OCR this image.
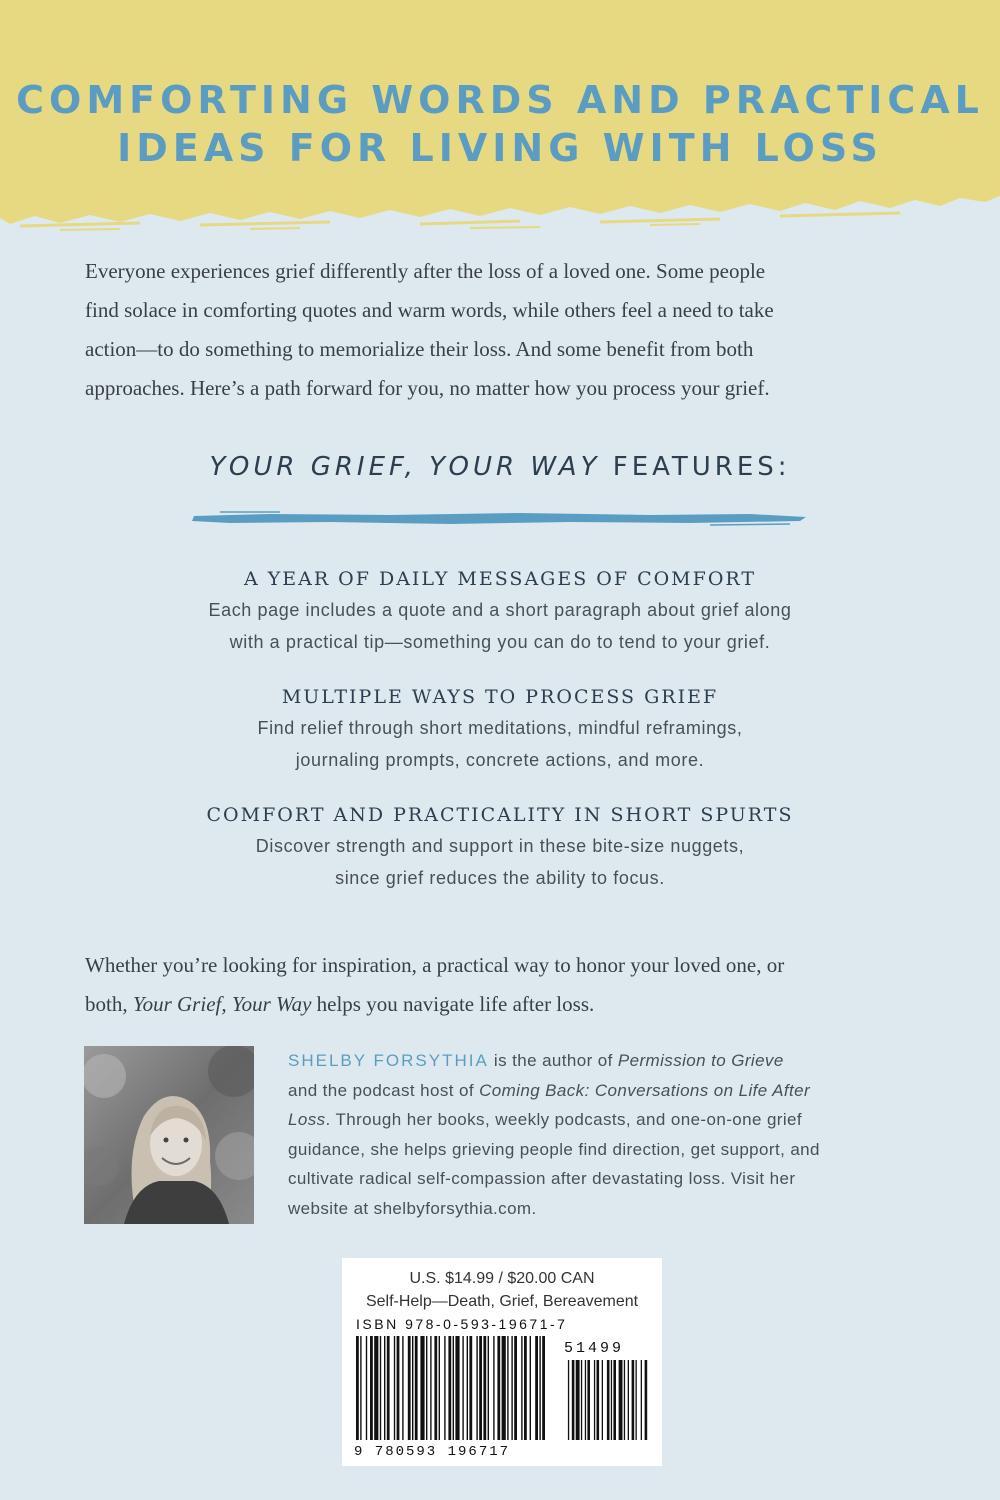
COMFORTING WORDS AND PRACTICAL
IDEAS FOR LIVING WITH LOSS

Everyone experiences grief differently after the loss of a loved one. Some people

find solace in comforting quotes and warm words, while others feel a need to take

action—to do something to memorialize their loss. And some benefit from both

approaches. Here’s a path forward for you, no matter how you process your grief.

YOUR GRIEF, YOUR WAY FEATURES:
A YEAR OF DAILY MESSAGES OF COMFORT
Each page includes a quote and a short paragraph about grief along
with a practical tip—something you can do to tend to your grief.
MULTIPLE WAYS TO PROCESS GRIEF
Find relief through short meditations, mindful reframings,
journaling prompts, concrete actions, and more.
COMFORT AND PRACTICALITY IN SHORT SPURTS
Discover strength and support in these bite-size nuggets,
since grief reduces the ability to focus.

Whether you’re looking for inspiration, a practical way to honor your loved one, or

both, Your Grief, Your Way helps you navigate life after loss.

SHELBY FORSYTHIA is the author of Permission to Grieve
and the podcast host of Coming Back: Conversations on Life After
Loss. Through her books, weekly podcasts, and one-on-one grief
guidance, she helps grieving people find direction, get support, and
cultivate radical self-compassion after devastating loss. Visit her
website at shelbyforsythia.com.
U.S. $14.99 / $20.00 CAN
Self-Help—Death, Grief, Bereavement
ISBN 978-0-593-19671-7
51499
9 780593 196717
